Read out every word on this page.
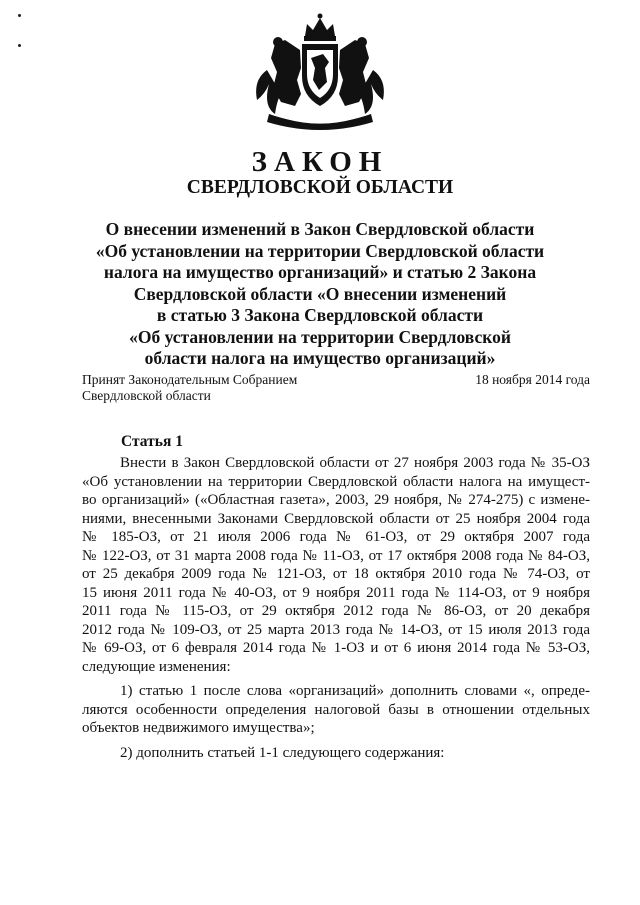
ЗАКОН
СВЕРДЛОВСКОЙ ОБЛАСТИ
О внесении изменений в Закон Свердловской области
«Об установлении на территории Свердловской области
налога на имущество организаций» и статью 2 Закона
Свердловской области «О внесении изменений
в статью 3 Закона Свердловской области
«Об установлении на территории Свердловской
области налога на имущество организаций»
Принят Законодательным Собранием
Свердловской области
18 ноября 2014 года
Статья 1
Внести в Закон Свердловской области от 27 ноября 2003 года № 35-ОЗ
«Об установлении на территории Свердловской области налога на имущест-
во организаций» («Областная газета», 2003, 29 ноября, № 274-275) с измене-
ниями, внесенными Законами Свердловской области от 25 ноября 2004 года
№ 185-ОЗ, от 21 июля 2006 года № 61-ОЗ, от 29 октября 2007 года
№ 122-ОЗ, от 31 марта 2008 года № 11-ОЗ, от 17 октября 2008 года № 84-ОЗ,
от 25 декабря 2009 года № 121-ОЗ, от 18 октября 2010 года № 74-ОЗ, от
15 июня 2011 года № 40-ОЗ, от 9 ноября 2011 года № 114-ОЗ, от 9 ноября
2011 года № 115-ОЗ, от 29 октября 2012 года № 86-ОЗ, от 20 декабря
2012 года № 109-ОЗ, от 25 марта 2013 года № 14-ОЗ, от 15 июля 2013 года
№ 69-ОЗ, от 6 февраля 2014 года № 1-ОЗ и от 6 июня 2014 года № 53-ОЗ,
следующие изменения:
1) статью 1 после слова «организаций» дополнить словами «, опреде-
ляются особенности определения налоговой базы в отношении отдельных
объектов недвижимого имущества»;
2) дополнить статьей 1-1 следующего содержания:
